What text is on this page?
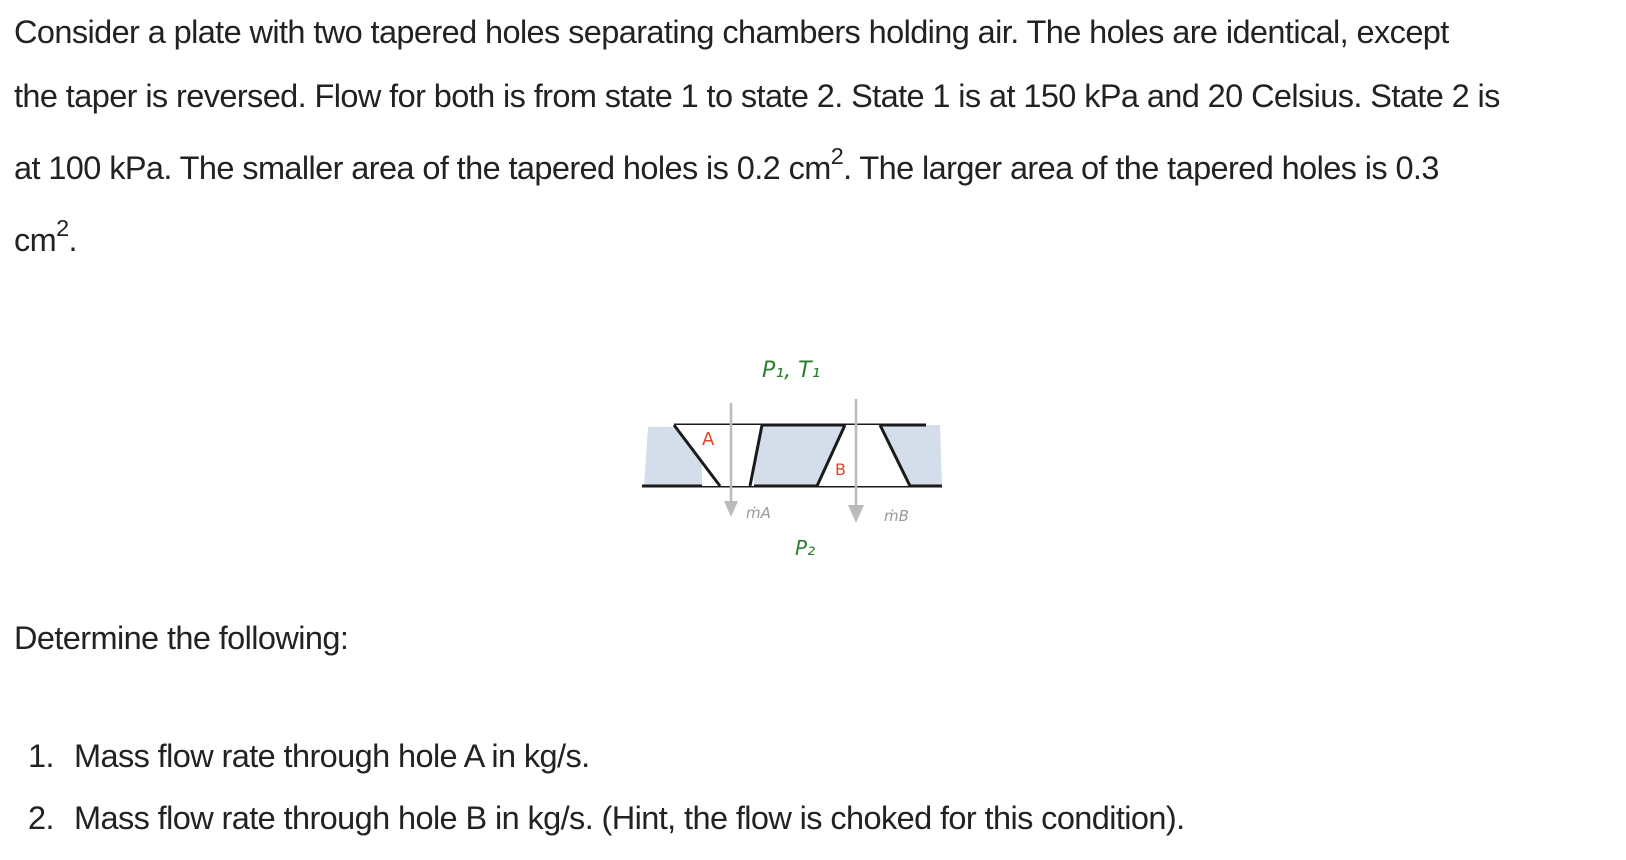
Consider a plate with two tapered holes separating chambers holding air. The holes are identical, except
the taper is reversed. Flow for both is from state 1 to state 2. State 1 is at 150 kPa and 20 Celsius. State 2 is
at 100 kPa. The smaller area of the tapered holes is 0.2 $cm^2$. The larger area of the tapered holes is 0.3
$cm^2$.
P₁, T₁
P₂
A
B
ṁA	ṁB

Determine the following:

1. Mass flow rate through hole A in kg/s.
2. Mass flow rate through hole B in kg/s. (Hint, the flow is choked for this condition).
